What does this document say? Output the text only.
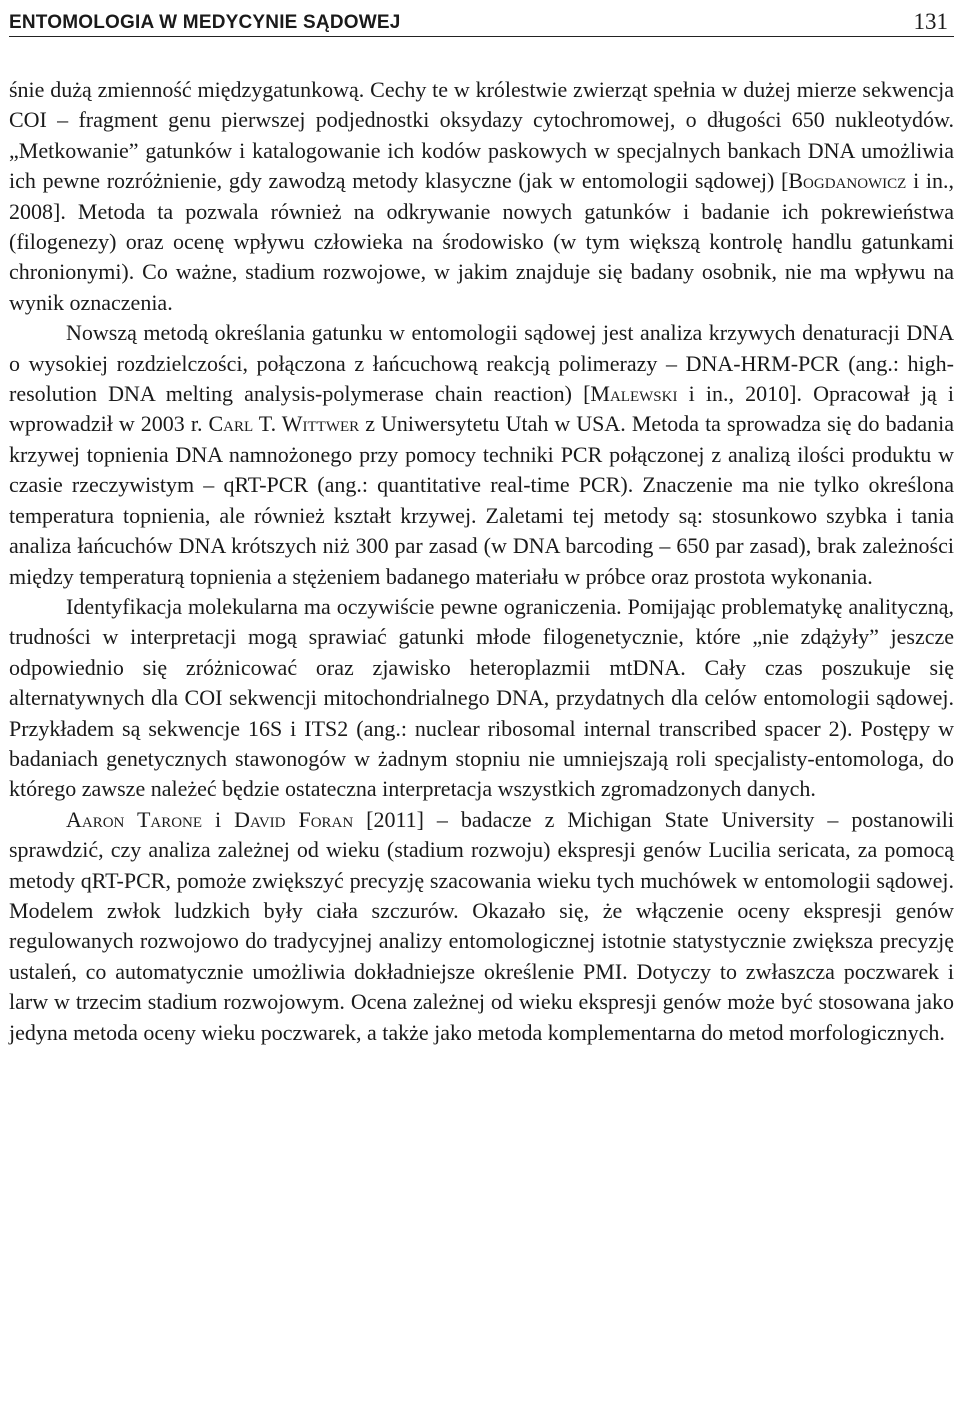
ENTOMOLOGIA W MEDYCYNIE SĄDOWEJ	131

śnie dużą zmienność międzygatunkową. Cechy te w królestwie zwierząt spełnia w dużej mierze sekwencja COI – fragment genu pierwszej podjednostki oksydazy cytochromowej, o długości 650 nukleotydów. „Metkowanie” gatunków i katalogowanie ich kodów paskowych w specjalnych bankach DNA umożliwia ich pewne rozróżnienie, gdy zawodzą metody klasyczne (jak w entomologii sądowej) [Bogdanowicz i in., 2008]. Metoda ta pozwala również na odkrywanie nowych gatunków i badanie ich pokrewieństwa (filogenezy) oraz ocenę wpływu człowieka na środowisko (w tym większą kontrolę handlu gatunkami chronionymi). Co ważne, stadium rozwojowe, w jakim znajduje się badany osobnik, nie ma wpływu na wynik oznaczenia.

Nowszą metodą określania gatunku w entomologii sądowej jest analiza krzywych denaturacji DNA o wysokiej rozdzielczości, połączona z łańcuchową reakcją polimerazy – DNA-HRM-PCR (ang.: high-resolution DNA melting analysis-polymerase chain reaction) [Malewski i in., 2010]. Opracował ją i wprowadził w 2003 r. Carl T. Wittwer z Uniwersytetu Utah w USA. Metoda ta sprowadza się do badania krzywej topnienia DNA namnożonego przy pomocy techniki PCR połączonej z analizą ilości produktu w czasie rzeczywistym – qRT-PCR (ang.: quantitative real-time PCR). Znaczenie ma nie tylko określona temperatura topnienia, ale również kształt krzywej. Zaletami tej metody są: stosunkowo szybka i tania analiza łańcuchów DNA krótszych niż 300 par zasad (w DNA barcoding – 650 par zasad), brak zależności między temperaturą topnienia a stężeniem badanego materiału w próbce oraz prostota wykonania.

Identyfikacja molekularna ma oczywiście pewne ograniczenia. Pomijając problematykę analityczną, trudności w interpretacji mogą sprawiać gatunki młode filogenetycznie, które „nie zdążyły” jeszcze odpowiednio się zróżnicować oraz zjawisko heteroplazmii mtDNA. Cały czas poszukuje się alternatywnych dla COI sekwencji mitochondrialnego DNA, przydatnych dla celów entomologii sądowej. Przykładem są sekwencje 16S i ITS2 (ang.: nuclear ribosomal internal transcribed spacer 2). Postępy w badaniach genetycznych stawonogów w żadnym stopniu nie umniejszają roli specjalisty-entomologa, do którego zawsze należeć będzie ostateczna interpretacja wszystkich zgromadzonych danych.

Aaron Tarone i David Foran [2011] – badacze z Michigan State University – postanowili sprawdzić, czy analiza zależnej od wieku (stadium rozwoju) ekspresji genów Lucilia sericata, za pomocą metody qRT-PCR, pomoże zwiększyć precyzję szacowania wieku tych muchówek w entomologii sądowej. Modelem zwłok ludzkich były ciała szczurów. Okazało się, że włączenie oceny ekspresji genów regulowanych rozwojowo do tradycyjnej analizy entomologicznej istotnie statystycznie zwiększa precyzję ustaleń, co automatycznie umożliwia dokładniejsze określenie PMI. Dotyczy to zwłaszcza poczwarek i larw w trzecim stadium rozwojowym. Ocena zależnej od wieku ekspresji genów może być stosowana jako jedyna metoda oceny wieku poczwarek, a także jako metoda komplementarna do metod morfologicznych.
